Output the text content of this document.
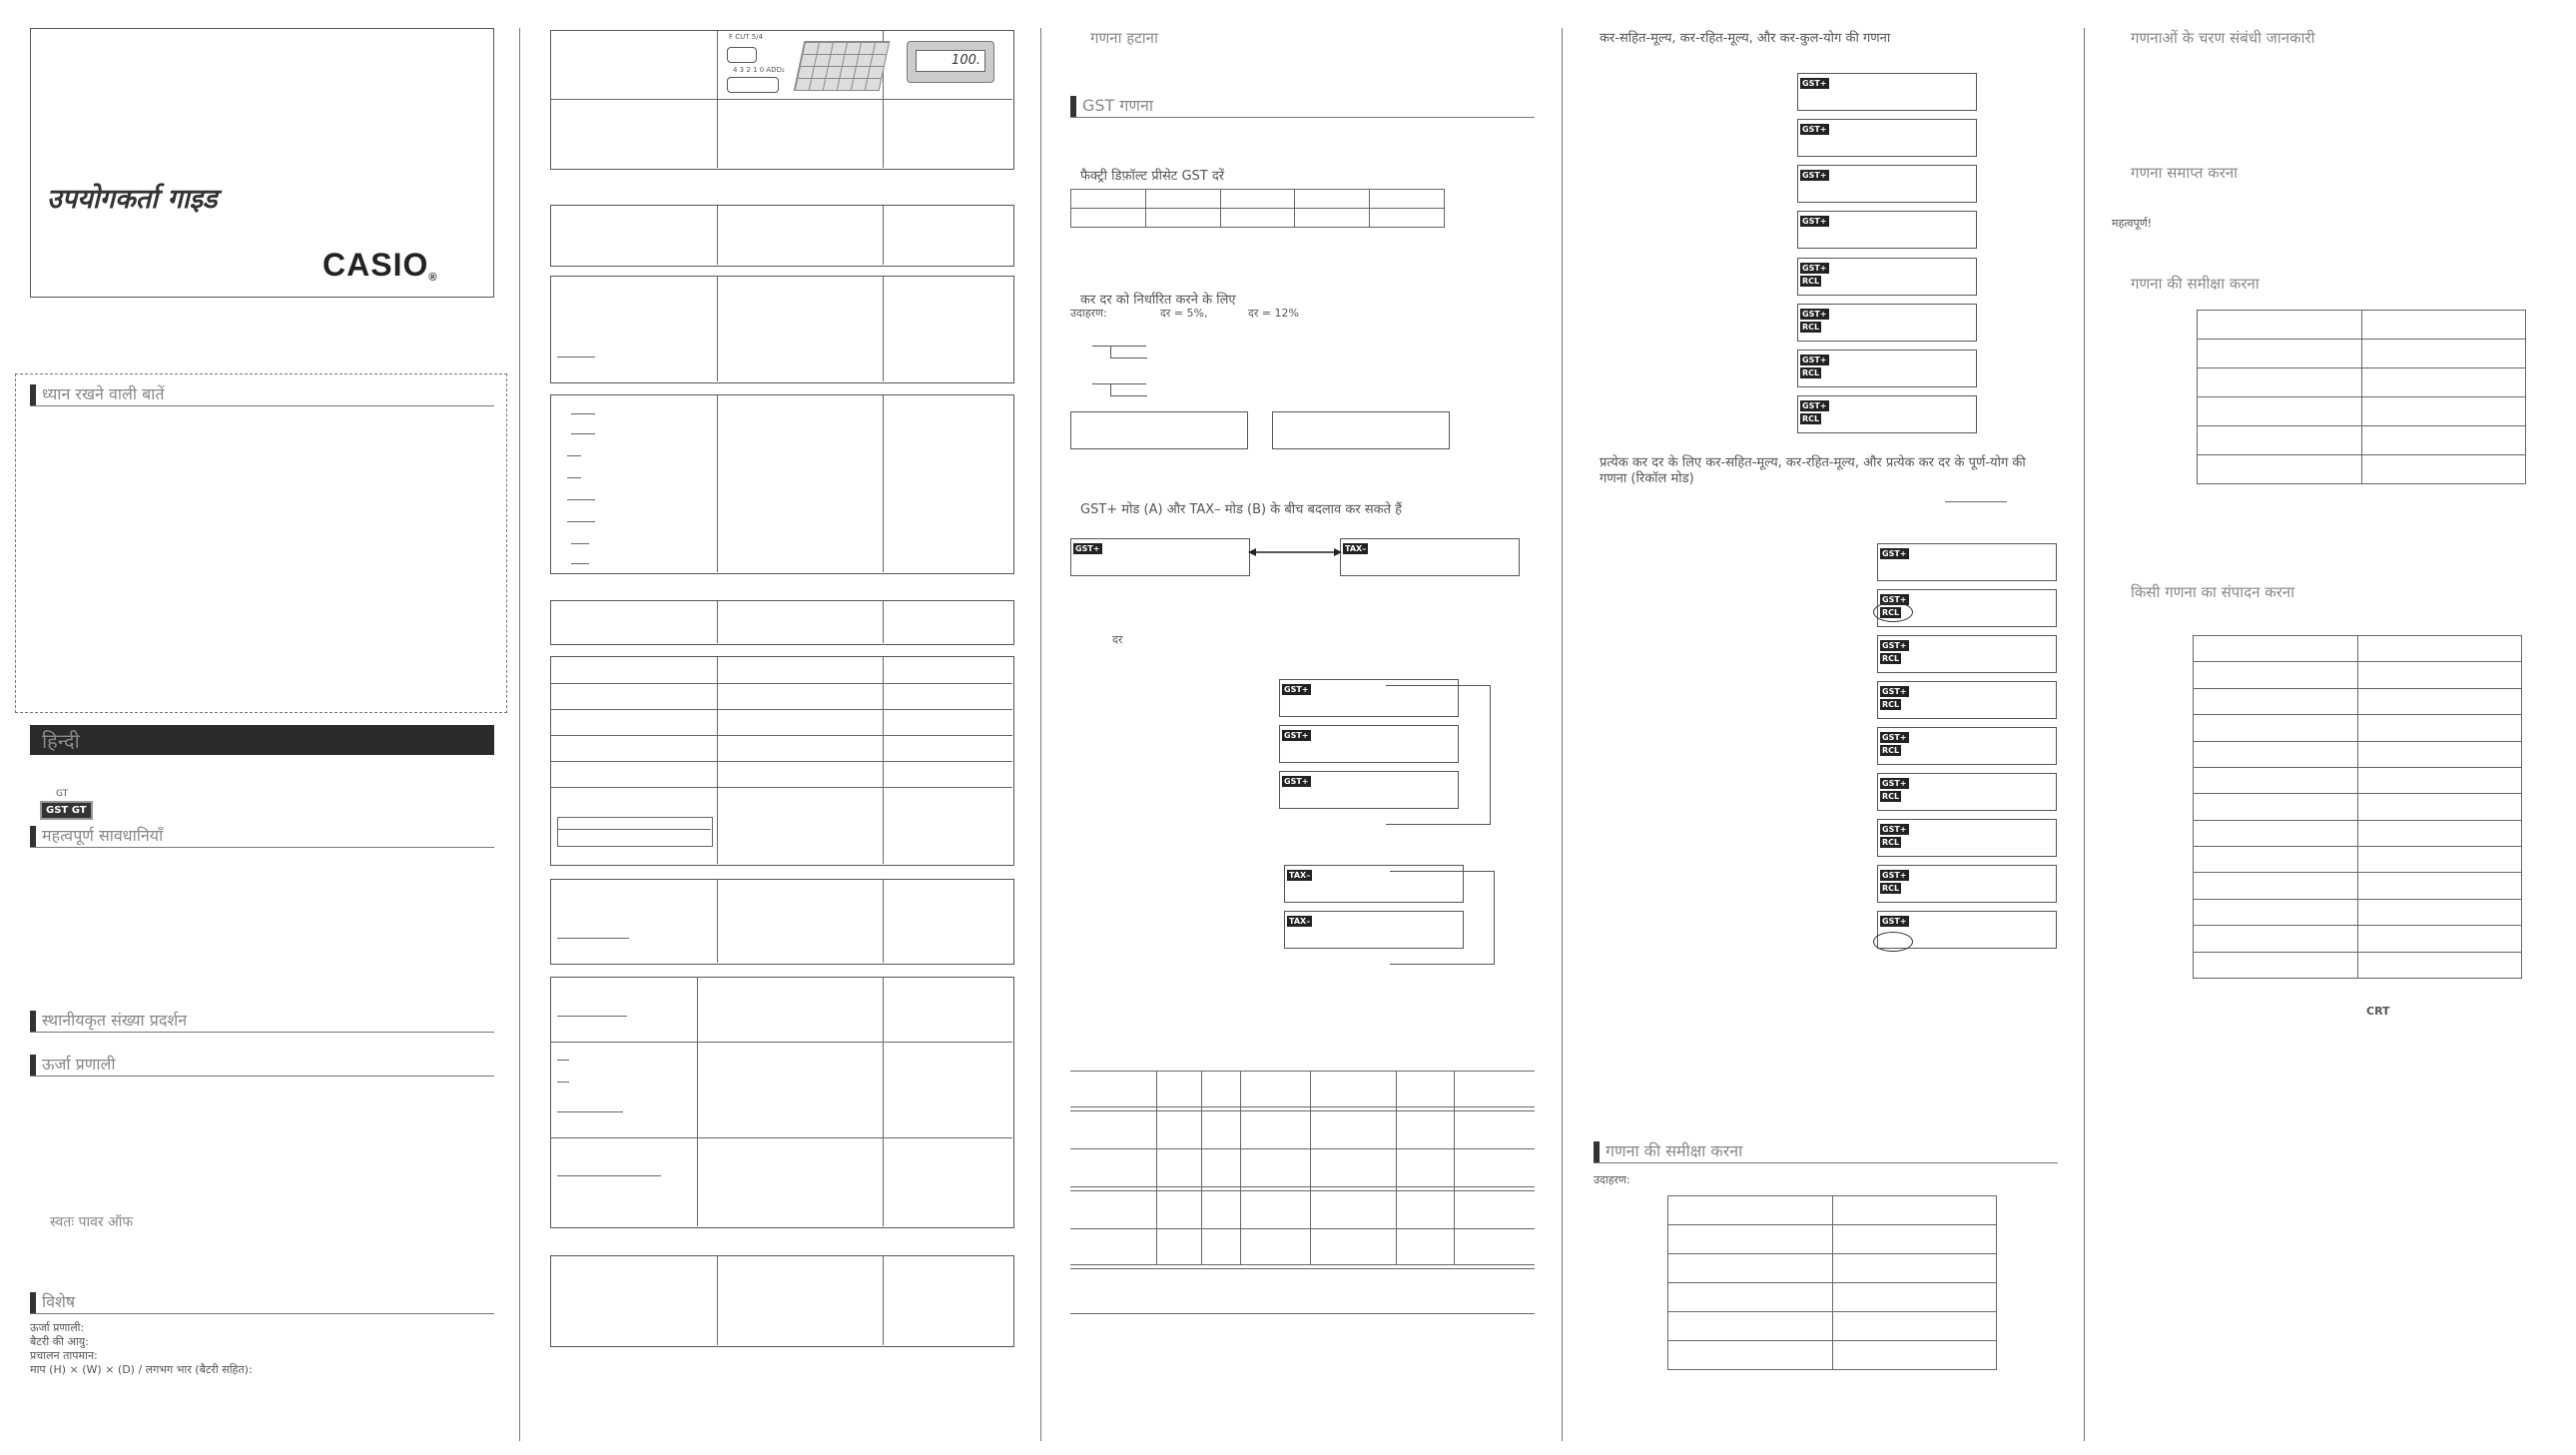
उपयोगकर्ता गाइड
CASIO®
ध्यान रखने वाली बातें
हिन्दी
GT
GST GT
महत्वपूर्ण सावधानियाँ
स्थानीयकृत संख्या प्रदर्शन
ऊर्जा प्रणाली
स्वतः पावर ऑफ
विशेष
ऊर्जा प्रणाली:
बैटरी की आयु:
प्रचालन तापमान:
माप (H) × (W) × (D) / लगभग भार (बैटरी सहित):
F CUT 5/4
4 3 2 1 0 ADD₂
100.
गणना हटाना
GST गणना
फैक्ट्री डिफ़ॉल्ट प्रीसेट GST दरें

कर दर को निर्धारित करने के लिए
उदाहरण:	दर = 5%,	दर = 12%
GST+ मोड (A) और TAX– मोड (B) के बीच बदलाव कर सकते हैं
GST+	TAX–
दर
GST+
GST+
GST+
TAX–
TAX–
कर-सहित-मूल्य, कर-रहित-मूल्य, और कर-कुल-योग की गणना
GST+
GST+
GST+
GST+
GST+
RCL
GST+
RCL
GST+
RCL
GST+
RCL
प्रत्येक कर दर के लिए कर-सहित-मूल्य, कर-रहित-मूल्य, और प्रत्येक कर दर के पूर्ण-योग की गणना (रिकॉल मोड)
GST+
GST+
RCL
GST+
RCL
GST+
RCL
GST+
RCL
GST+
RCL
GST+
RCL
GST+
RCL
GST+
गणना की समीक्षा करना
उदाहरण:

गणनाओं के चरण संबंधी जानकारी
गणना समाप्त करना
महत्वपूर्ण!
गणना की समीक्षा करना

किसी गणना का संपादन करना

CRT
